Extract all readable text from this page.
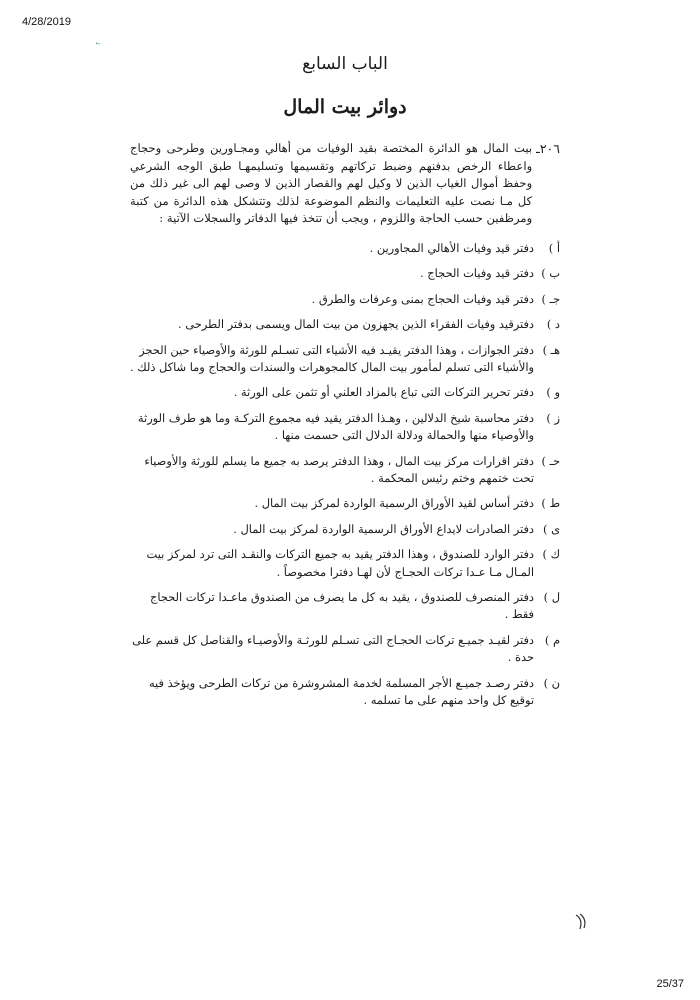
4/28/2019
˾
الباب السابع
دوائر بيت المال
٢٠٦ـ
بيت المال هو الدائرة المختصة بقيد الوفيات من أهالي ومجـاورين وطرحى وحجاج واعطاء الرخص بدفنهم وضبط تركاتهم وتقسيمها وتسليمهـا طبق الوجه الشرعي وحفظ أموال الغياب الذين لا وكيل لهم والقصار الذين لا وصى لهم الى غير ذلك من كل مـا نصت عليه التعليمات والنظم الموضوعة لذلك وتتشكل هذه الدائرة من كتبة ومرظفين حسب الحاجة واللزوم ، ويجب أن تتخذ فيها الدفاتر والسجلات الآتية :
أ )
دفتر قيد وفيات الأهالي المجاورين .
ب )
دفتر قيد وفيات الحجاج .
جـ )
دفتر قيد وفيات الحجاج بمنى وعرفات والطرق .
د )
دفترقيد وفيات الفقراء الذين يجهزون من بيت المال ويسمى بدفتر الطرحى .
هـ )
دفتر الجوازات ، وهذا الدفتر يقيـد فيه الأشياء التى تسـلم للورثة والأوصياء حين الحجز والأشياء التى تسلم لمأمور بيت المال كالمجوهرات والسندات والحجاج وما شاكل ذلك .
و )
دفتر تحرير التركات التى تباع بالمزاد العلني أو تثمن على الورثة .
ز )
دفتر محاسبة شيخ الدلالين ، وهـذا الدفتر يقيد فيه مجموع التركـة وما هو طرف الورثة والأوصياء منها والحمالة ودلالة الدلال التى حسمت منها .
حـ )
دفتر اقرارات مركز بيت المال ، وهذا الدفتر يرصد به جميع ما يسلم للورثة والأوصياء تحت ختمهم وختم رئيس المحكمة .
ط )
دفتر أساس لقيد الأوراق الرسمية الواردة لمركز بيت المال .
ى )
دفتر الصادرات لايداع الأوراق الرسمية الواردة لمركز بيت المال .
ك )
دفتر الوارد للصندوق ، وهذا الدفتر يقيد به جميع التركات والنقـد التى ترد لمركز بيت المـال مـا عـدا تركات الحجـاج لأن لهـا دفترا مخصوصاً .
ل )
دفتر المنصرف للصندوق ، يقيد به كل ما يصرف من الصندوق ماعـدا تركات الحجاج فقط .
م )
دفتر لقيـد جميـع تركات الحجـاج التى تسـلم للورثـة والأوصيـاء والقناصل كل قسم على حدة .
ن )
دفتر رصـد جميـع الأجر المسلمة لخدمة المشروشرة من تركات الطرحى ويؤخذ فيه توقيع كل واحد منهم على ما تسلمه .
25/37
